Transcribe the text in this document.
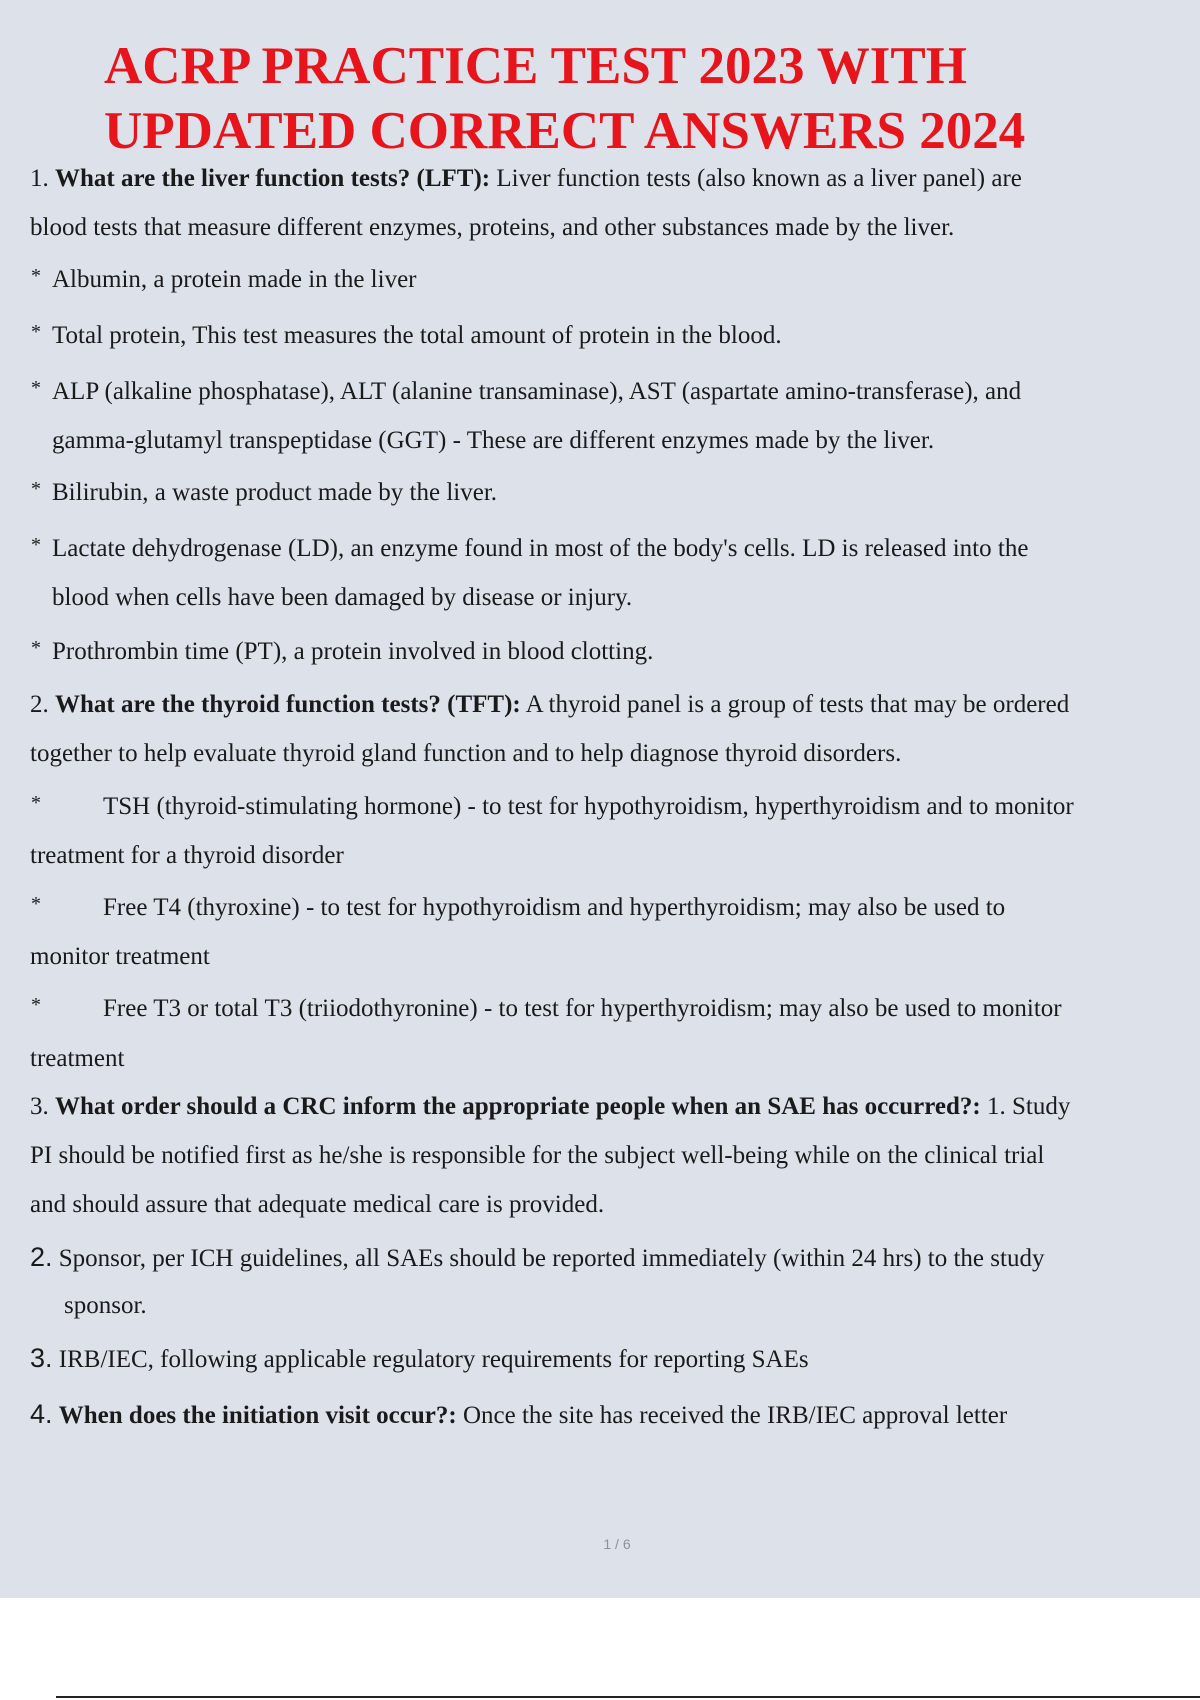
ACRP PRACTICE TEST 2023 WITH
UPDATED CORRECT ANSWERS 2024
1. What are the liver function tests? (LFT): Liver function tests (also known as a liver panel) are
blood tests that measure different enzymes, proteins, and other substances made by the liver.
* Albumin, a protein made in the liver
* Total protein, This test measures the total amount of protein in the blood.
* ALP (alkaline phosphatase), ALT (alanine transaminase), AST (aspartate amino-transferase), and
gamma-glutamyl transpeptidase (GGT) - These are different enzymes made by the liver.
* Bilirubin, a waste product made by the liver.
* Lactate dehydrogenase (LD), an enzyme found in most of the body's cells. LD is released into the
blood when cells have been damaged by disease or injury.
* Prothrombin time (PT), a protein involved in blood clotting.
2. What are the thyroid function tests? (TFT): A thyroid panel is a group of tests that may be ordered
together to help evaluate thyroid gland function and to help diagnose thyroid disorders.
* TSH (thyroid-stimulating hormone) - to test for hypothyroidism, hyperthyroidism and to monitor
treatment for a thyroid disorder
* Free T4 (thyroxine) - to test for hypothyroidism and hyperthyroidism; may also be used to
monitor treatment
* Free T3 or total T3 (triiodothyronine) - to test for hyperthyroidism; may also be used to monitor
treatment
3. What order should a CRC inform the appropriate people when an SAE has occurred?: 1. Study
PI should be notified first as he/she is responsible for the subject well-being while on the clinical trial
and should assure that adequate medical care is provided.
2. Sponsor, per ICH guidelines, all SAEs should be reported immediately (within 24 hrs) to the study
sponsor.
3. IRB/IEC, following applicable regulatory requirements for reporting SAEs
4. When does the initiation visit occur?: Once the site has received the IRB/IEC approval letter
1 / 6
